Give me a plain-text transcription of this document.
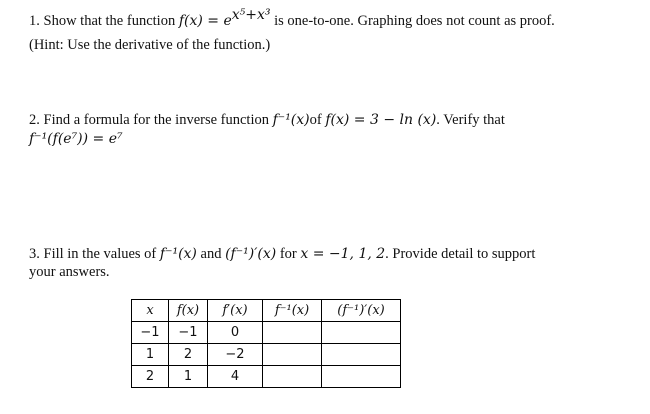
1. Show that the function $f(x) = e^{x^5+x^3}$ is one-to-one. Graphing does not count as proof.
(Hint: Use the derivative of the function.)
2. Find a formula for the inverse function f⁻¹(x)of f(x) = 3 − ln (x). Verify that
f⁻¹(f(e⁷)) = e⁷
3. Fill in the values of f⁻¹(x) and (f⁻¹)′(x) for x = −1, 1, 2. Provide detail to support
your answers.
x	f(x)	f′(x)	f⁻¹(x)	(f⁻¹)′(x)
−1	−1	0		
1	2	−2		
2	1	4		
